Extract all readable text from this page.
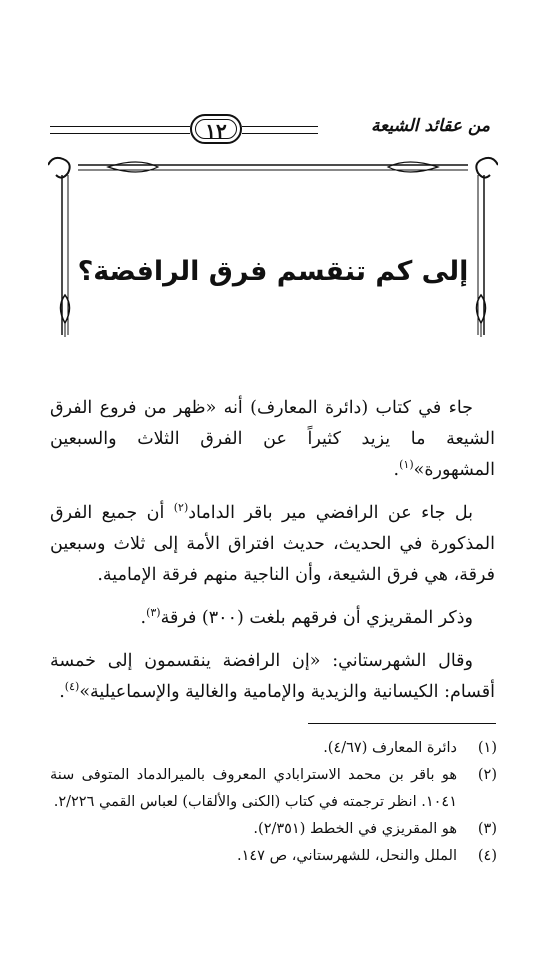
١٢	من عقائد الشيعة
إلى كم تنقسم فرق الرافضة؟

جاء في كتاب (دائرة المعارف) أنه «ظهر من فروع الفرق الشيعة ما يزيد كثيراً عن الفرق الثلاث والسبعين المشهورة»$^{(١)}$.

بل جاء عن الرافضي مير باقر الداماد$^{(٢)}$ أن جميع الفرق المذكورة في الحديث، حديث افتراق الأمة إلى ثلاث وسبعين فرقة، هي فرق الشيعة، وأن الناجية منهم فرقة الإمامية.

وذكر المقريزي أن فرقهم بلغت (٣٠٠) فرقة$^{(٣)}$.

وقال الشهرستاني: «إن الرافضة ينقسمون إلى خمسة أقسام: الكيسانية والزيدية والإمامية والغالية والإسماعيلية»$^{(٤)}$.

(١)
دائرة المعارف (٤/٦٧).
(٢)
هو باقر بن محمد الاسترابادي المعروف بالميرالدماد المتوفى سنة ١٠٤١. انظر ترجمته في كتاب (الكنى والألقاب) لعباس القمي ٢/٢٢٦.
(٣)
هو المقريزي في الخطط (٢/٣٥١).
(٤)
الملل والنحل، للشهرستاني، ص ١٤٧.
